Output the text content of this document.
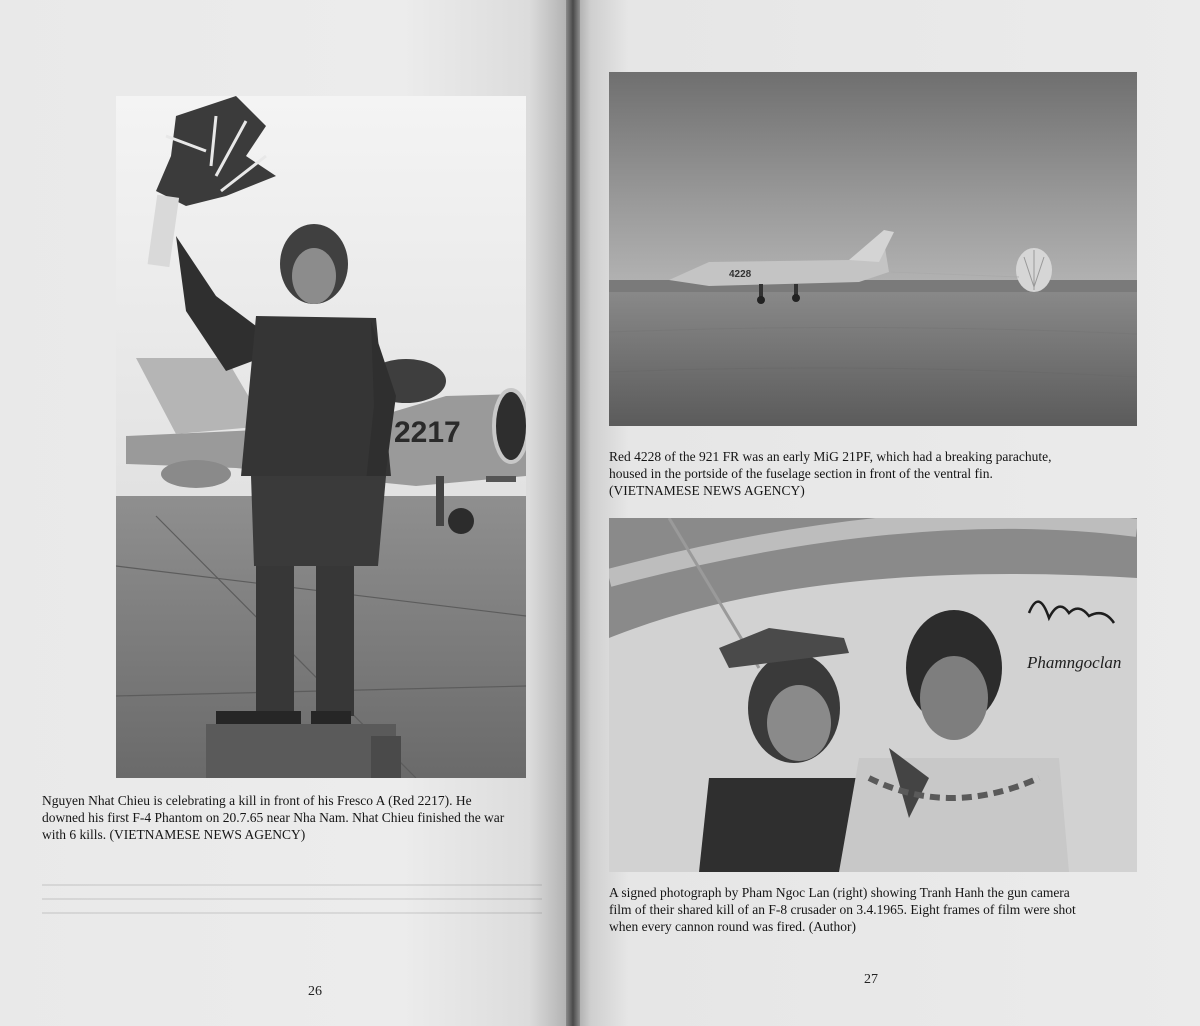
2217
Nguyen Nhat Chieu is celebrating a kill in front of his Fresco A (Red 2217). He
downed his first F-4 Phantom on 20.7.65 near Nha Nam. Nhat Chieu finished the war
with 6 kills. (VIETNAMESE NEWS AGENCY)
26
4228
Red 4228 of the 921 FR was an early MiG 21PF, which had a breaking parachute,
housed in the portside of the fuselage section in front of the ventral fin.
(VIETNAMESE NEWS AGENCY)
Phamngoclan
A signed photograph by Pham Ngoc Lan (right) showing Tranh Hanh the gun camera
film of their shared kill of an F-8 crusader on 3.4.1965. Eight frames of film were shot
when every cannon round was fired. (Author)
27
